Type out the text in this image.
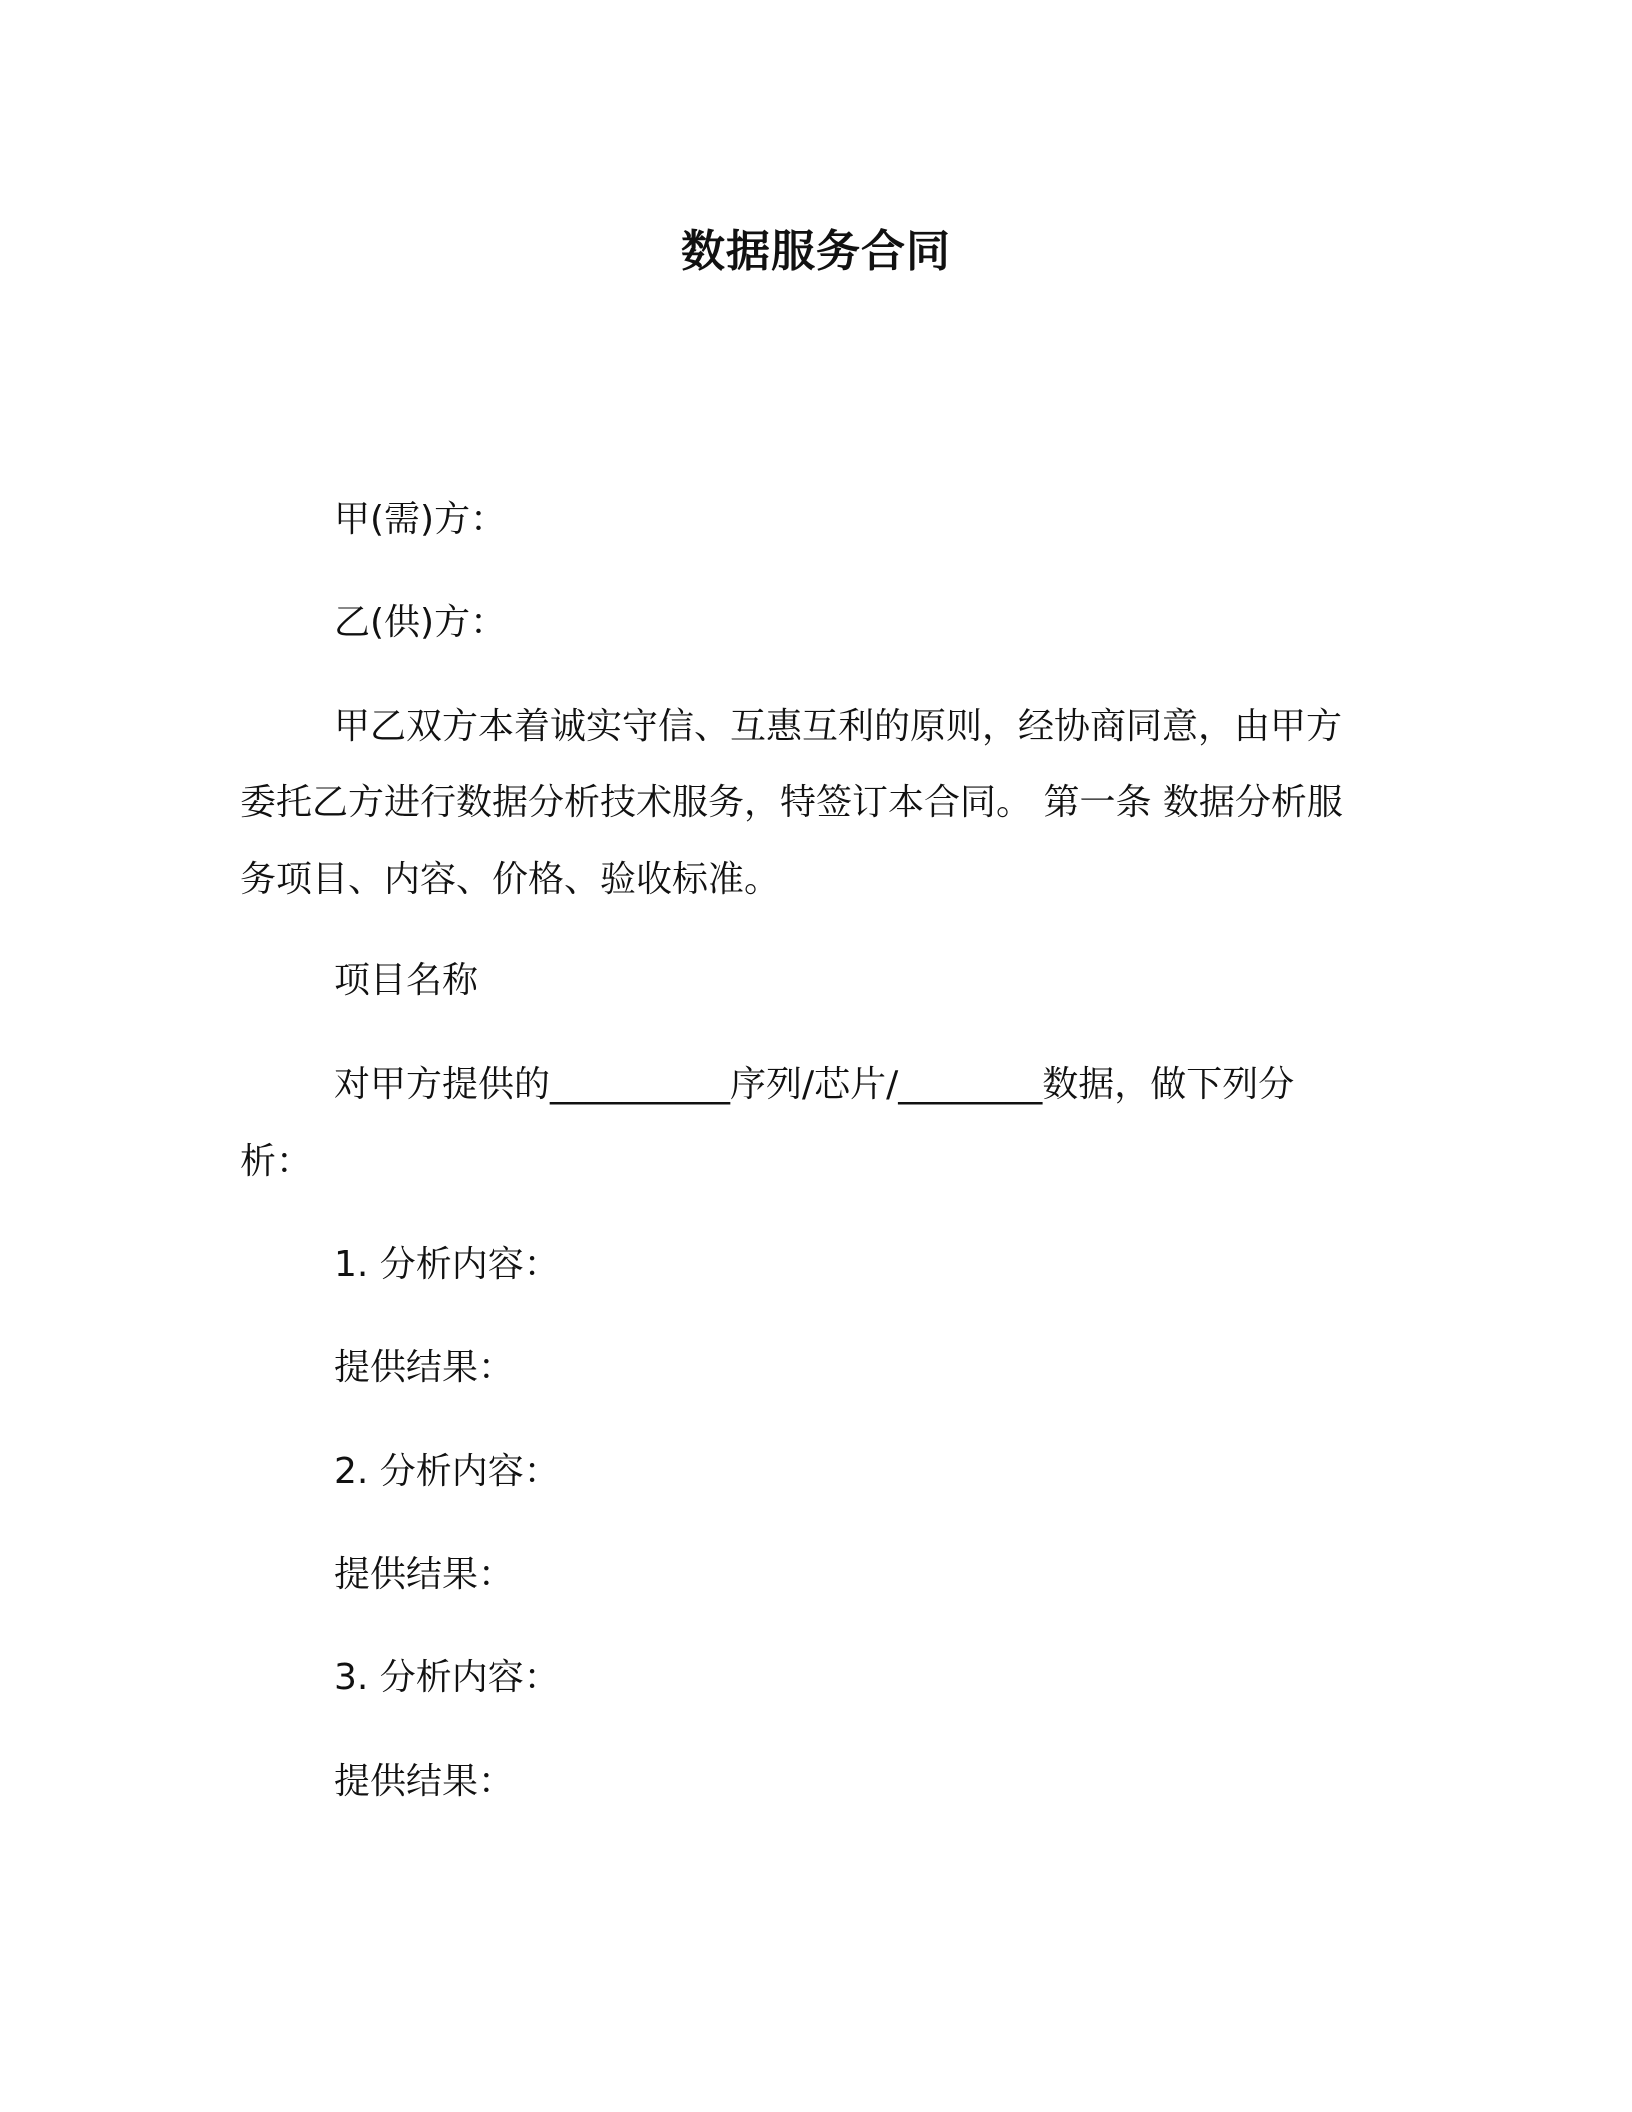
数据服务合同
甲(需)方：
乙(供)方：
甲乙双方本着诚实守信、互惠互利的原则，经协商同意，由甲方
委托乙方进行数据分析技术服务，特签订本合同。 第一条 数据分析服
务项目、内容、价格、验收标准。
项目名称
对甲方提供的__________序列/芯片/________数据，做下列分
析：
1. 分析内容：
提供结果：
2. 分析内容：
提供结果：
3. 分析内容：
提供结果：
